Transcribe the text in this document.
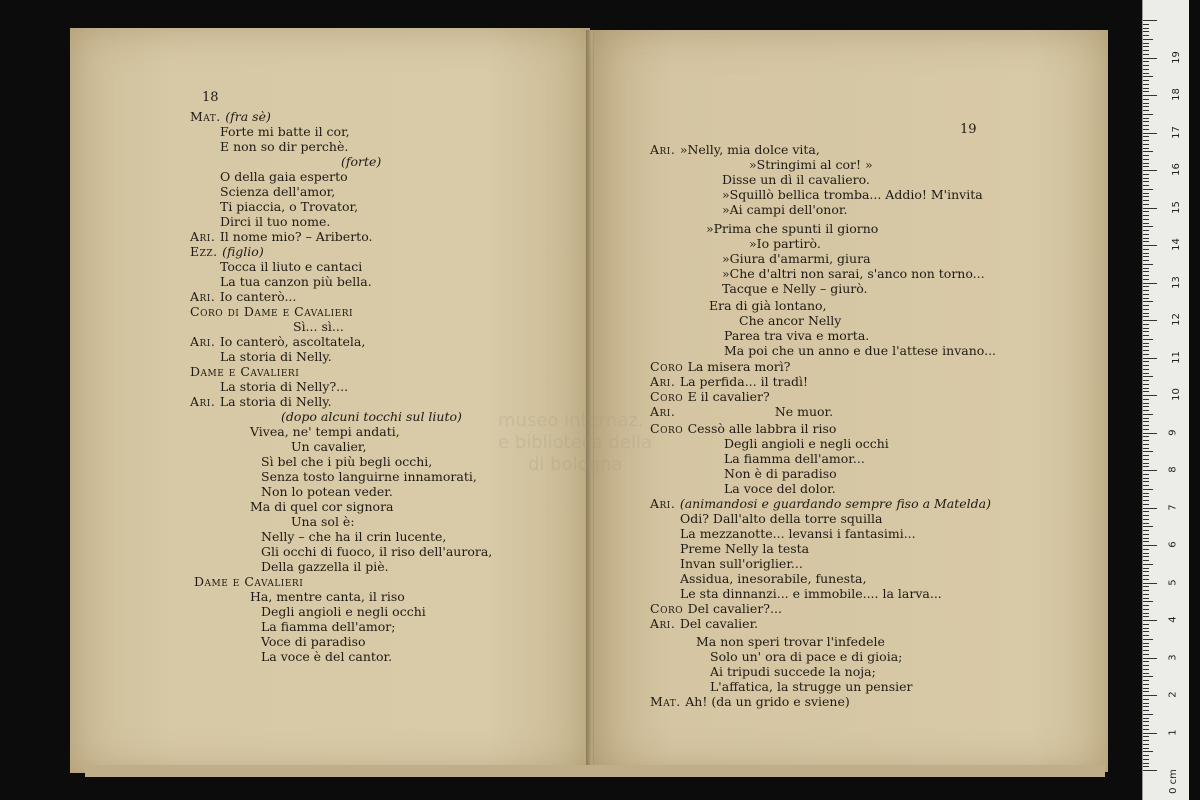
18
Mat. (fra sè)
Forte mi batte il cor,
E non so dir perchè.
(forte)
O della gaia esperto
Scienza dell'amor,
Ti piaccia, o Trovator,
Dirci il tuo nome.
Ari. Il nome mio? – Ariberto.
Ezz. (figlio)
Tocca il liuto e cantaci
La tua canzon più bella.
Ari. Io canterò...
Coro di Dame e Cavalieri
Sì... sì...
Ari. Io canterò, ascoltatela,
La storia di Nelly.
Dame e Cavalieri
La storia di Nelly?...
Ari. La storia di Nelly.
(dopo alcuni tocchi sul liuto)
Vivea, ne' tempi andati,
Un cavalier,
Sì bel che i più begli occhi,
Senza tosto languirne innamorati,
Non lo potean veder.
Ma di quel cor signora
Una sol è:
Nelly – che ha il crin lucente,
Gli occhi di fuoco, il riso dell'aurora,
Della gazzella il piè.
Dame e Cavalieri
Ha, mentre canta, il riso
Degli angioli e negli occhi
La fiamma dell'amor;
Voce di paradiso
La voce è del cantor.
19
Ari. »Nelly, mia dolce vita,
»Stringimi al cor! »
Disse un dì il cavaliero.
»Squillò bellica tromba... Addio! M'invita
»Ai campi dell'onor.
»Prima che spunti il giorno
»Io partirò.
»Giura d'amarmi, giura
»Che d'altri non sarai, s'anco non torno...
Tacque e Nelly – giurò.
Era di già lontano,
Che ancor Nelly
Parea tra viva e morta.
Ma poi che un anno e due l'attese invano...
Coro La misera morì?
Ari. La perfida... il tradì!
Coro E il cavalier?
Ari.	Ne muor.
Coro Cessò alle labbra il riso
Degli angioli e negli occhi
La fiamma dell'amor...
Non è di paradiso
La voce del dolor.
Ari. (animandosi e guardando sempre fiso a Matelda)
Odi? Dall'alto della torre squilla
La mezzanotte... levansi i fantasimi...
Preme Nelly la testa
Invan sull'origlier...
Assidua, inesorabile, funesta,
Le sta dinnanzi... e immobile.... la larva...
Coro Del cavalier?...
Ari. Del cavalier.
Ma non speri trovar l'infedele
Solo un' ora di pace e di gioia;
Ai tripudi succede la noja;
L'affatica, la strugge un pensier
Mat. Ah! (da un grido e sviene)
museo internaz.
e biblioteca della
di bologna
0 cm
1
2
3
4
5
6
7
8
9
10
11
12
13
14
15
16
17
18
19
